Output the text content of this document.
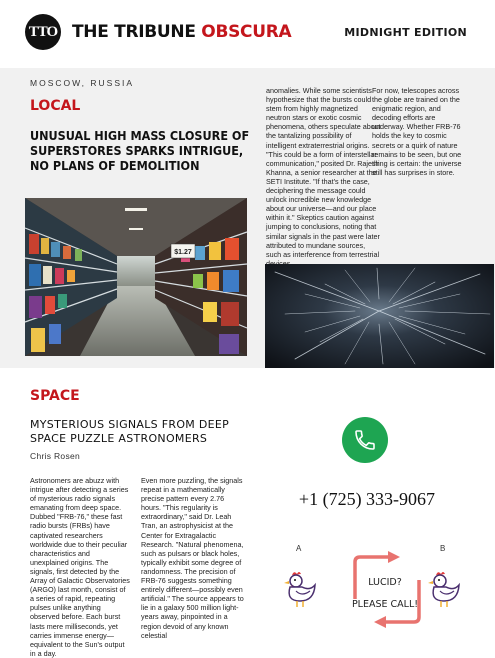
TTO THE TRIBUNE OBSCURA	MIDNIGHT EDITION
MOSCOW, RUSSIA
LOCAL
UNUSUAL HIGH MASS CLOSURE OF SUPERSTORES SPARKS INTRIGUE, NO PLANS OF DEMOLITION
$1.27
anomalies. While some scientists hypothesize that the bursts could stem from highly magnetized neutron stars or exotic cosmic phenomena, others speculate about the tantalizing possibility of intelligent extraterrestrial origins. "This could be a form of interstellar communication," posited Dr. Rajesh Khanna, a senior researcher at the SETI Institute. "If that's the case, deciphering the message could unlock incredible new knowledge about our universe—and our place within it." Skeptics caution against jumping to conclusions, noting that similar signals in the past were later attributed to mundane sources, such as interference from terrestrial
For now, telescopes across the globe are trained on the enigmatic region, and decoding efforts are underway. Whether FRB-76 holds the key to cosmic secrets or a quirk of nature remains to be seen, but one thing is certain: the universe still has surprises in store.
SPACE
MYSTERIOUS SIGNALS FROM DEEP SPACE PUZZLE ASTRONOMERS
Chris Rosen
Astronomers are abuzz with intrigue after detecting a series of mysterious radio signals emanating from deep space. Dubbed "FRB-76," these fast radio bursts (FRBs) have captivated researchers worldwide due to their peculiar characteristics and unexplained origins. The signals, first detected by the Array of Galactic Observatories (ARGO) last month, consist of a series of rapid, repeating pulses unlike anything observed before. Each burst lasts mere milliseconds, yet carries immense energy—equivalent to the Sun's output in a day.
Even more puzzling, the signals repeat in a mathematically precise pattern every 2.76 hours. "This regularity is extraordinary," said Dr. Leah Tran, an astrophysicist at the Center for Extragalactic Research. "Natural phenomena, such as pulsars or black holes, typically exhibit some degree of randomness. The precision of FRB-76 suggests something entirely different—possibly even artificial." The source appears to lie in a galaxy 500 million light-years away, pinpointed in a region devoid of any known celestial
+1 (725) 333-9067
A	B
LUCID?
PLEASE CALL!
